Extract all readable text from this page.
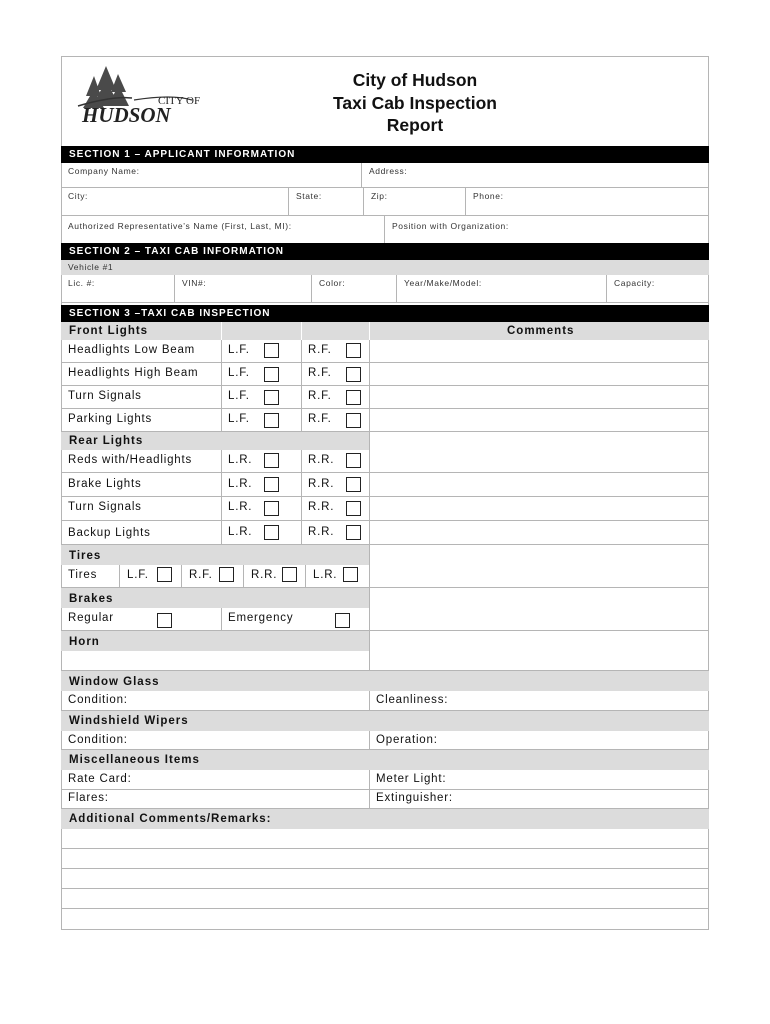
CITY OF
HUDSON
City of Hudson
Taxi Cab Inspection
Report
SECTION 1 – APPLICANT INFORMATION
Company Name:	Address:
City:	State:	Zip:	Phone:
Authorized Representative’s Name (First, Last, MI):	Position with Organization:
SECTION 2 – TAXI CAB INFORMATION
Vehicle #1
Lic. #:	VIN#:	Color:	Year/Make/Model:	Capacity:
SECTION 3 –TAXI CAB INSPECTION
Front Lights	Comments
Headlights Low Beam	L.F.	R.F.
Headlights High Beam	L.F.	R.F.
Turn Signals	L.F.	R.F.
Parking Lights	L.F.	R.F.
Rear Lights
Reds with/Headlights	L.R.	R.R.
Brake Lights	L.R.	R.R.
Turn Signals	L.R.	R.R.
Backup Lights	L.R.	R.R.
Tires
Tires	L.F.	R.F.	R.R.	L.R.
Brakes
Regular	Emergency
Horn
Window Glass
Condition:	Cleanliness:
Windshield Wipers
Condition:	Operation:
Miscellaneous Items
Rate Card:	Meter Light:
Flares:	Extinguisher:
Additional Comments/Remarks:
